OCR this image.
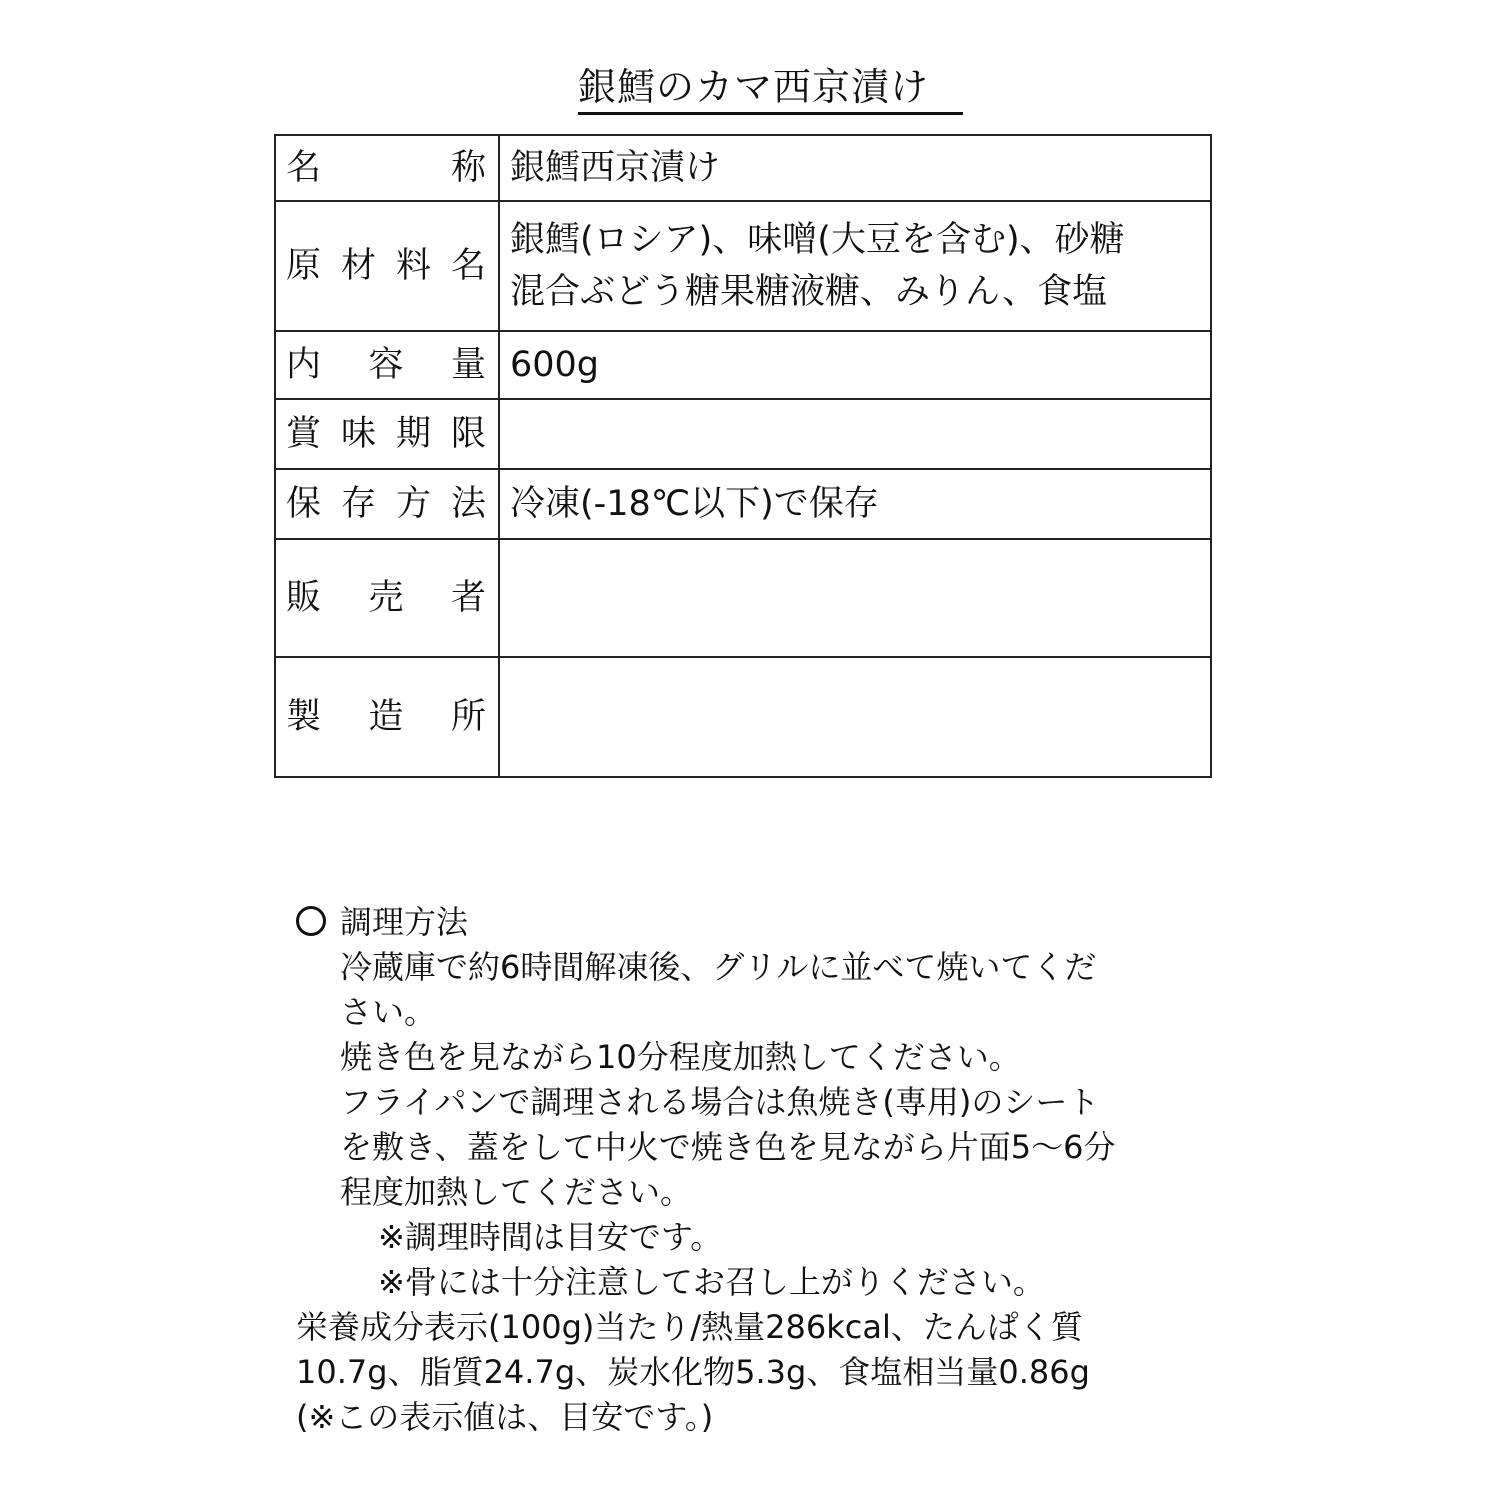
銀鱈のカマ西京漬け
名　称	銀鱈西京漬け
原材料名	銀鱈(ロシア)、味噌(大豆を含む)、砂糖
混合ぶどう糖果糖液糖、みりん、食塩
内容量	600g
賞味期限	
保存方法	冷凍(-18℃以下)で保存
販売者	
製造所	
調理方法
冷蔵庫で約6時間解凍後、グリルに並べて焼いてくだ
さい。
焼き色を見ながら10分程度加熱してください。
フライパンで調理される場合は魚焼き(専用)のシート
を敷き、蓋をして中火で焼き色を見ながら片面5～6分
程度加熱してください。
※調理時間は目安です。
※骨には十分注意してお召し上がりください。
栄養成分表示(100g)当たり/熱量286kcal、たんぱく質
10.7g、脂質24.7g、炭水化物5.3g、食塩相当量0.86g
(※この表示値は、目安です。)
